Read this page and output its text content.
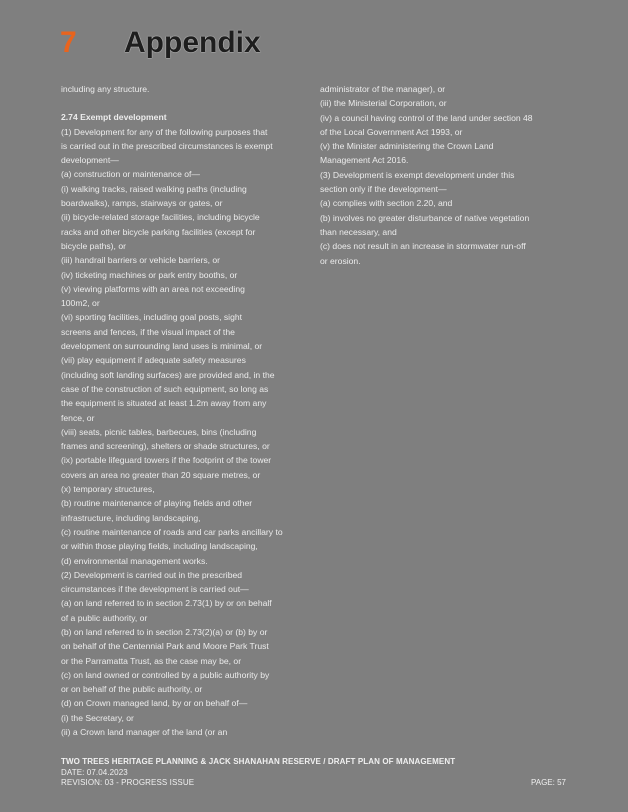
7 Appendix

including any structure.

2.74 Exempt development

(1) Development for any of the following purposes that

is carried out in the prescribed circumstances is exempt

development—

(a) construction or maintenance of—

(i) walking tracks, raised walking paths (including

boardwalks), ramps, stairways or gates, or

(ii) bicycle-related storage facilities, including bicycle

racks and other bicycle parking facilities (except for

bicycle paths), or

(iii) handrail barriers or vehicle barriers, or

(iv) ticketing machines or park entry booths, or

(v) viewing platforms with an area not exceeding

100m2, or

(vi) sporting facilities, including goal posts, sight

screens and fences, if the visual impact of the

development on surrounding land uses is minimal, or

(vii) play equipment if adequate safety measures

(including soft landing surfaces) are provided and, in the

case of the construction of such equipment, so long as

the equipment is situated at least 1.2m away from any

fence, or

(viii) seats, picnic tables, barbecues, bins (including

frames and screening), shelters or shade structures, or

(ix) portable lifeguard towers if the footprint of the tower

covers an area no greater than 20 square metres, or

(x) temporary structures,

(b) routine maintenance of playing fields and other

infrastructure, including landscaping,

(c) routine maintenance of roads and car parks ancillary to

or within those playing fields, including landscaping,

(d) environmental management works.

(2) Development is carried out in the prescribed

circumstances if the development is carried out—

(a) on land referred to in section 2.73(1) by or on behalf

of a public authority, or

(b) on land referred to in section 2.73(2)(a) or (b) by or

on behalf of the Centennial Park and Moore Park Trust

or the Parramatta Trust, as the case may be, or

(c) on land owned or controlled by a public authority by

or on behalf of the public authority, or

(d) on Crown managed land, by or on behalf of—

(i) the Secretary, or

(ii) a Crown land manager of the land (or an

administrator of the manager), or

(iii) the Ministerial Corporation, or

(iv) a council having control of the land under section 48

of the Local Government Act 1993, or

(v) the Minister administering the Crown Land

Management Act 2016.

(3) Development is exempt development under this

section only if the development—

(a) complies with section 2.20, and

(b) involves no greater disturbance of native vegetation

than necessary, and

(c) does not result in an increase in stormwater run-off

or erosion.

TWO TREES HERITAGE PLANNING & JACK SHANAHAN RESERVE / DRAFT PLAN OF MANAGEMENT
DATE: 07.04.2023
REVISION: 03 - PROGRESS ISSUE	PAGE: 57
